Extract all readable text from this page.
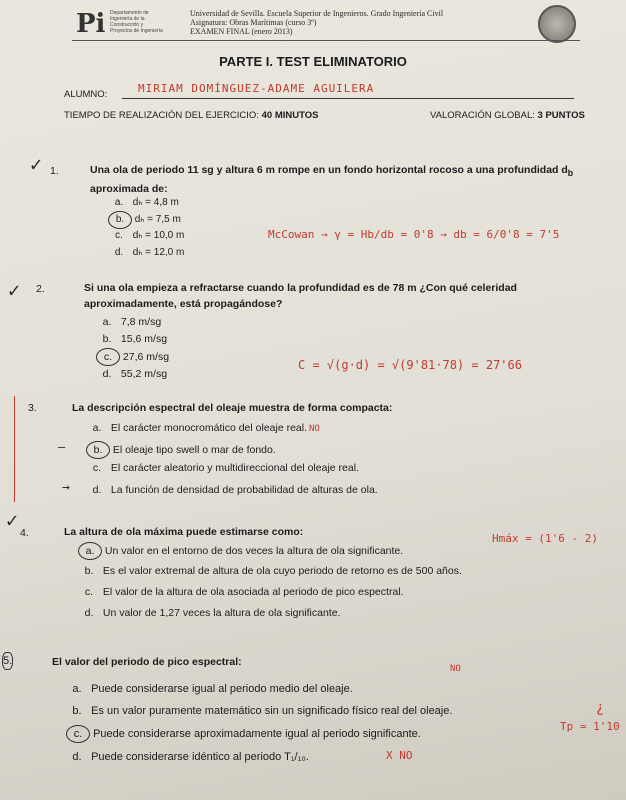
Pi Departamento de
Ingeniería de la
Construcción y
Proyectos de Ingeniería
Universidad de Sevilla. Escuela Superior de Ingenieros. Grado Ingeniería Civil
Asignatura: Obras Marítimas (curso 3º)
EXAMEN FINAL (enero 2013)
PARTE I. TEST ELIMINATORIO
ALUMNO:	MIRIAM DOMÍNGUEZ-ADAME AGUILERA
TIEMPO DE REALIZACIÓN DEL EJERCICIO: 40 MINUTOS	VALORACIÓN GLOBAL: 3 PUNTOS
✓ 1.	Una ola de periodo 11 sg y altura 6 m rompe en un fondo horizontal rocoso a una profundidad $d_b$
aproximada de:
a. dₕ = 4,8 m
b. dₕ = 7,5 m
c. dₕ = 10,0 m
d. dₕ = 12,0 m
McCowan → γ = Hb/db = 0'8 → db = 6/0'8 = 7'5
✓ 2.	Si una ola empieza a refractarse cuando la profundidad es de 78 m ¿Con qué celeridad
aproximadamente, está propagándose?
a. 7,8 m/sg
b. 15,6 m/sg
c. 27,6 m/sg
d. 55,2 m/sg
C = √(g·d) = √(9'81·78) = 27'66
3.	La descripción espectral del oleaje muestra de forma compacta:
a. El carácter monocromático del oleaje real. NO
—	b. El oleaje tipo swell o mar de fondo.
c. El carácter aleatorio y multidireccional del oleaje real.
→	d. La función de densidad de probabilidad de alturas de ola.
✓
4.	La altura de ola máxima puede estimarse como:
a. Un valor en el entorno de dos veces la altura de ola significante.
b. Es el valor extremal de altura de ola cuyo periodo de retorno es de 500 años.
c. El valor de la altura de ola asociada al periodo de pico espectral.
d. Un valor de 1,27 veces la altura de ola significante.
Hmáx = (1'6 - 2)
5.	El valor del periodo de pico espectral:
a. Puede considerarse igual al periodo medio del oleaje.
NO
b. Es un valor puramente matemático sin un significado físico real del oleaje.	¿
c. Puede considerarse aproximadamente igual al periodo significante.
Tp ≃ 1'10
d. Puede considerarse idéntico al periodo T₁/₁₀.	X NO
